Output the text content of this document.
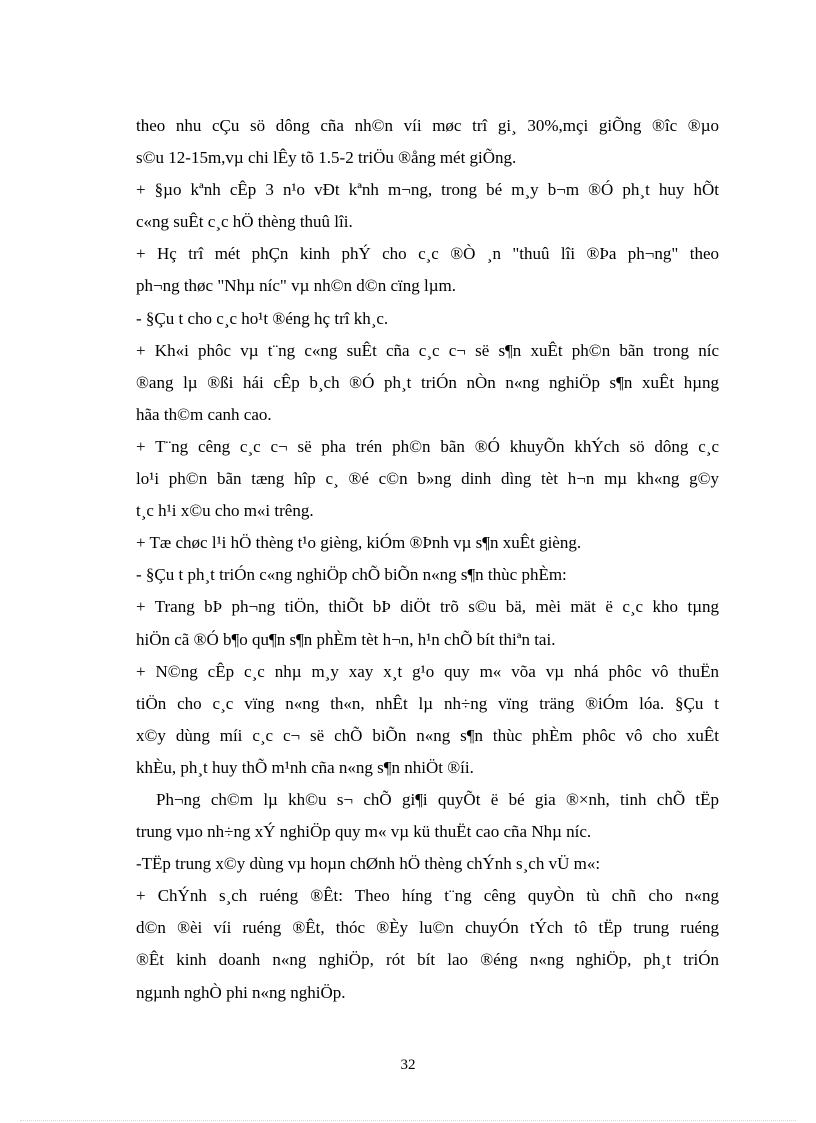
theo nhu cÇu sö dông cña nh©n víi møc trî gi¸ 30%,mçi giÕng ®îc ®µo
s©u 12-15m,vµ chi lÊy tõ 1.5-2 triÖu ®ång mét giÕng.
+ §µo kªnh cÊp 3 n¹o vÐt kªnh m¬ng, trong bé m¸y b¬m ®Ó ph¸t huy hÕt
c«ng suÊt c¸c hÖ thèng thuû lîi.
+ Hç trî mét phÇn kinh phÝ cho c¸c ®Ò ¸n "thuû lîi ®Þa ph¬ng" theo
ph¬ng thøc "Nhµ níc" vµ nh©n d©n cïng lµm.
- §Çu t cho c¸c ho¹t ®éng hç trî kh¸c.
+ Kh«i phôc vµ t¨ng c«ng suÊt cña c¸c c¬ së s¶n xuÊt ph©n bãn trong níc
®ang lµ ®ßi hái cÊp b¸ch ®Ó ph¸t triÓn nÒn n«ng nghiÖp s¶n xuÊt hµng
hãa th©m canh cao.
+ T¨ng cêng c¸c c¬ së pha trén ph©n bãn ®Ó khuyÕn khÝch sö dông c¸c
lo¹i ph©n bãn tæng hîp c¸ ®é c©n b»ng dinh dìng tèt h¬n mµ kh«ng g©y
t¸c h¹i x©u cho m«i trêng.
+ Tæ chøc l¹i hÖ thèng t¹o gièng, kiÓm ®Þnh vµ s¶n xuÊt gièng.
- §Çu t ph¸t triÓn c«ng nghiÖp chÕ biÕn n«ng s¶n thùc phÈm:
+ Trang bÞ ph¬ng tiÖn, thiÕt bÞ diÖt trõ s©u bä, mèi mät ë c¸c kho tµng
hiÖn cã ®Ó b¶o qu¶n s¶n phÈm tèt h¬n, h¹n chÕ bít thiªn tai.
+ N©ng cÊp c¸c nhµ m¸y xay x¸t g¹o quy m« võa vµ nhá phôc vô thuËn
tiÖn cho c¸c vïng n«ng th«n, nhÊt lµ nh÷ng vïng träng ®iÓm lóa. §Çu t
x©y dùng míi c¸c c¬ së chÕ biÕn n«ng s¶n thùc phÈm phôc vô cho xuÊt
khÈu, ph¸t huy thÕ m¹nh cña n«ng s¶n nhiÖt ®íi.
Ph¬ng ch©m lµ kh©u s¬ chÕ gi¶i quyÕt ë bé gia ®×nh, tinh chÕ tËp
trung vµo nh÷ng xÝ nghiÖp quy m« vµ kü thuËt cao cña Nhµ níc.
-TËp trung x©y dùng vµ hoµn chØnh hÖ thèng chÝnh s¸ch vÜ m«:
+ ChÝnh s¸ch ruéng ®Êt: Theo híng t¨ng cêng quyÒn tù chñ cho n«ng
d©n ®èi víi ruéng ®Êt, thóc ®Èy lu©n chuyÓn tÝch tô tËp trung ruéng
®Êt kinh doanh n«ng nghiÖp, rót bít lao ®éng n«ng nghiÖp, ph¸t triÓn
ngµnh nghÒ phi n«ng nghiÖp.
32
